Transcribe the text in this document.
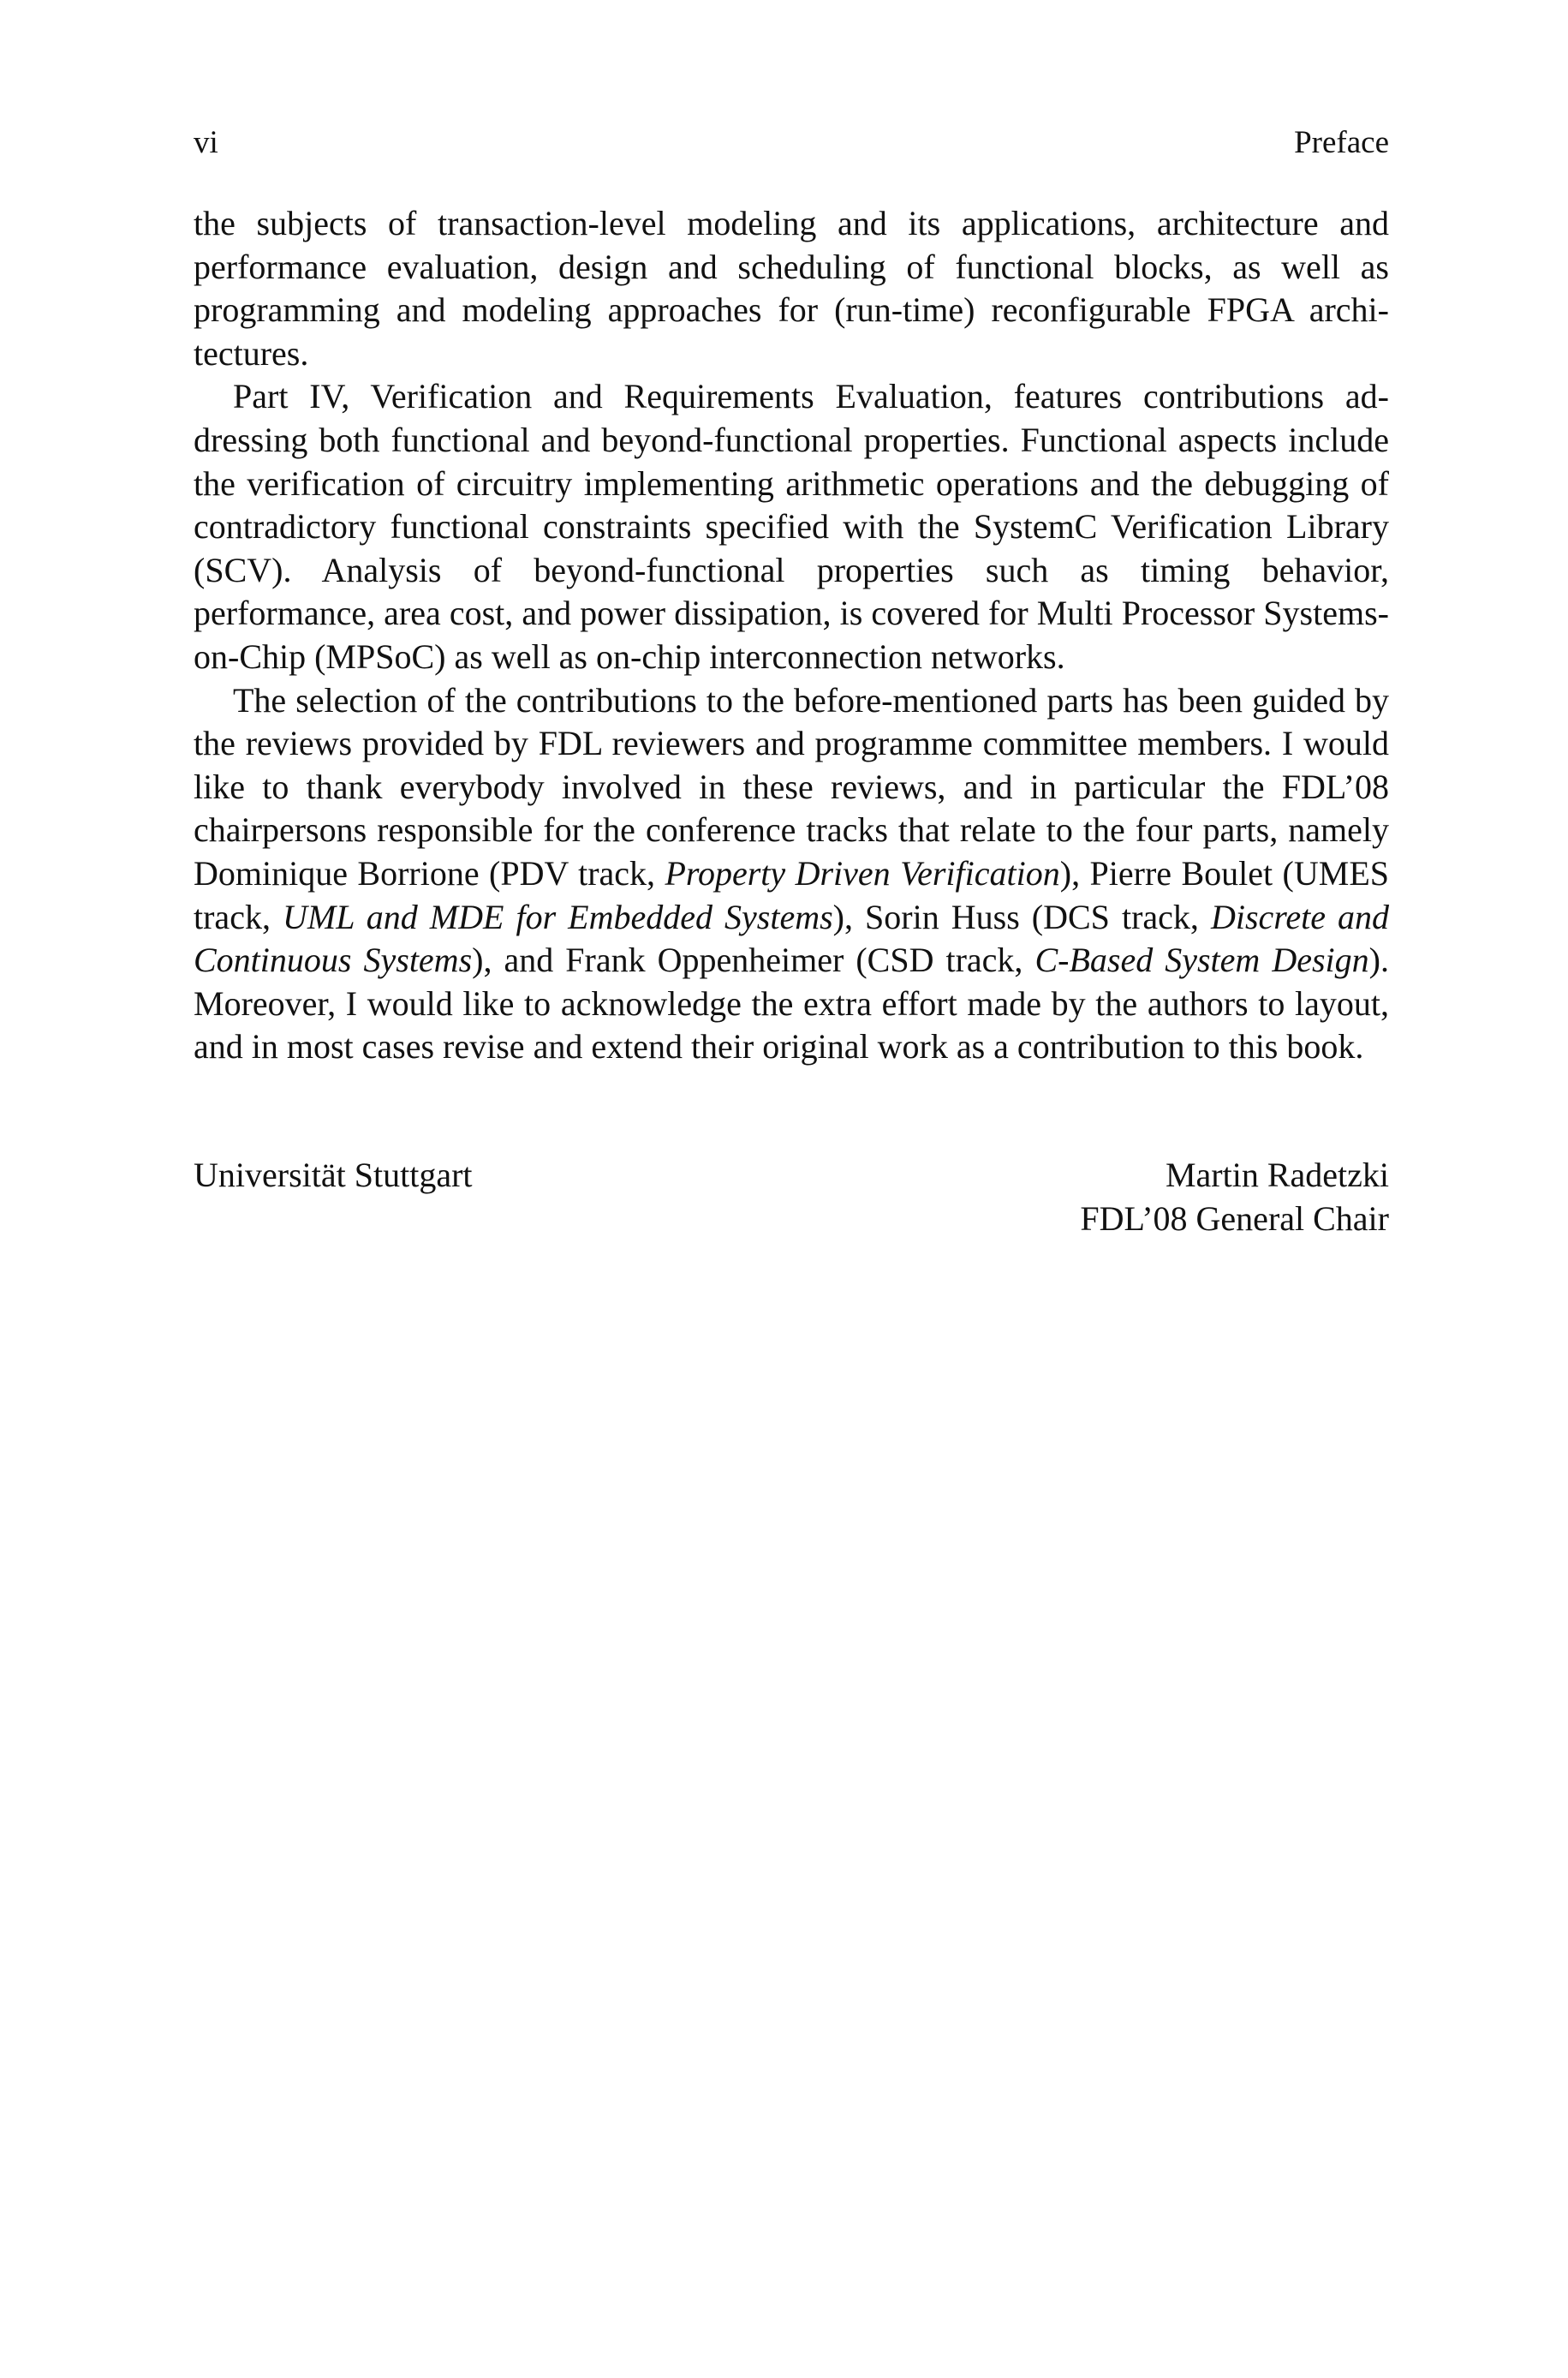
vi	Preface

the subjects of transaction-level modeling and its applications, architecture and performance evaluation, design and scheduling of functional blocks, as well as programming and modeling approaches for (run-time) reconfigurable FPGA architectures.

Part IV, Verification and Requirements Evaluation, features contributions addressing both functional and beyond-functional properties. Functional aspects include the verification of circuitry implementing arithmetic operations and the debugging of contradictory functional constraints specified with the SystemC Verification Library (SCV). Analysis of beyond-functional properties such as timing behavior, performance, area cost, and power dissipation, is covered for Multi Processor Systems-on-Chip (MPSoC) as well as on-chip interconnection networks.

The selection of the contributions to the before-mentioned parts has been guided by the reviews provided by FDL reviewers and programme committee members. I would like to thank everybody involved in these reviews, and in particular the FDL’08 chairpersons responsible for the conference tracks that relate to the four parts, namely Dominique Borrione (PDV track, Property Driven Verification), Pierre Boulet (UMES track, UML and MDE for Embedded Systems), Sorin Huss (DCS track, Discrete and Continuous Systems), and Frank Oppenheimer (CSD track, C-Based System Design). Moreover, I would like to acknowledge the extra effort made by the authors to layout, and in most cases revise and extend their original work as a contribution to this book.

Universität Stuttgart	Martin Radetzki
FDL’08 General Chair
